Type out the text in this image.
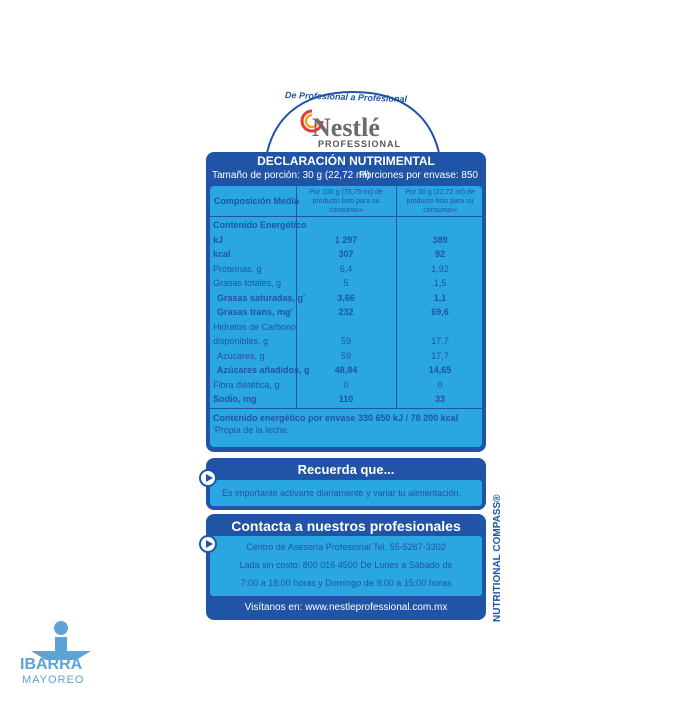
De Profesional a Profesional
Nestlé
PROFESSIONAL
DECLARACIÓN NUTRIMENTAL
Tamaño de porción: 30 g (22,72 ml)
Porciones por envase: 850
Composición Media
Por 100 g (75,75 ml) de producto listo para su consumo∞
Por 30 g (22,72 ml) de producto listo para su consumo∞
Contenido Energético
kJ	1 297	389
kcal	307	92
Proteínas, g	6,4	1,92
Grasas totales, g	5	1,5
Grasas saturadas, g'	3,66	1,1
Grasas trans, mg'	232	69,6
Hidratos de Carbono
disponibles, g	59	17,7
Azúcares, g	59	17,7
Azúcares añadidos, g	48,84	14,65
Fibra dietética, g	0	0
Sodio, mg	110	33
Contenido energético por envase 330 650 kJ / 78 200 kcal
'Propia de la leche.
Recuerda que...
Es importante activarte diariamente y variar tu alimentación.
Contacta a nuestros profesionales
Centro de Asesoría Profesional Tel. 55-5267-3302
Lada sin costo: 800 016 4500 De Lunes a Sábado de
7:00 a 18:00 horas y Domingo de 9:00 a 15:00 horas
Visítanos en: www.nestleprofessional.com.mx	NUTRITIONAL COMPASS®
IBARRA
MAYOREO
